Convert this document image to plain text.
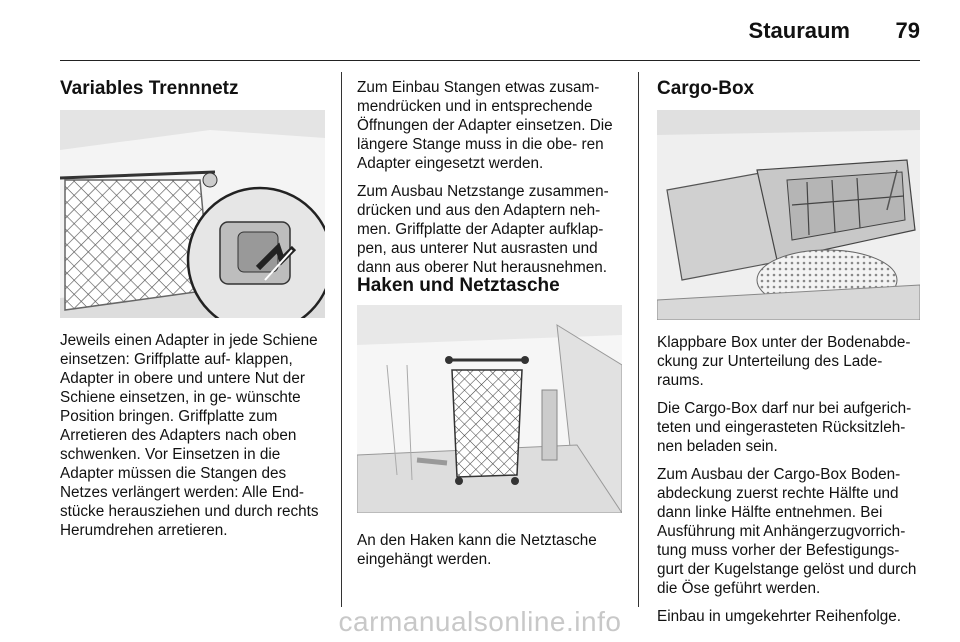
Stauraum 79
Variables Trennnetz

Jeweils einen Adapter in jede Schiene einsetzen: Griffplatte auf- klappen, Adapter in obere und untere Nut der Schiene einsetzen, in ge- wünschte Position bringen. Griffplatte zum Arretieren des Adapters nach oben schwenken. Vor Einsetzen in die Adapter müssen die Stangen des Netzes verlängert werden: Alle End- stücke herausziehen und durch rechts Herumdrehen arretieren.

Zum Einbau Stangen etwas zusam- mendrücken und in entsprechende Öffnungen der Adapter einsetzen. Die längere Stange muss in die obe- ren Adapter eingesetzt werden.

Zum Ausbau Netzstange zusammen- drücken und aus den Adaptern neh- men. Griffplatte der Adapter aufklap- pen, aus unterer Nut ausrasten und dann aus oberer Nut herausnehmen.

Haken und Netztasche

An den Haken kann die Netztasche eingehängt werden.

Cargo-Box

Klappbare Box unter der Bodenabde- ckung zur Unterteilung des Lade- raums.

Die Cargo-Box darf nur bei aufgerich- teten und eingerasteten Rücksitzleh- nen beladen sein.

Zum Ausbau der Cargo-Box Boden- abdeckung zuerst rechte Hälfte und dann linke Hälfte entnehmen. Bei Ausführung mit Anhängerzugvorrich- tung muss vorher der Befestigungs- gurt der Kugelstange gelöst und durch die Öse geführt werden.

Einbau in umgekehrter Reihenfolge.

carmanualsonline.info
